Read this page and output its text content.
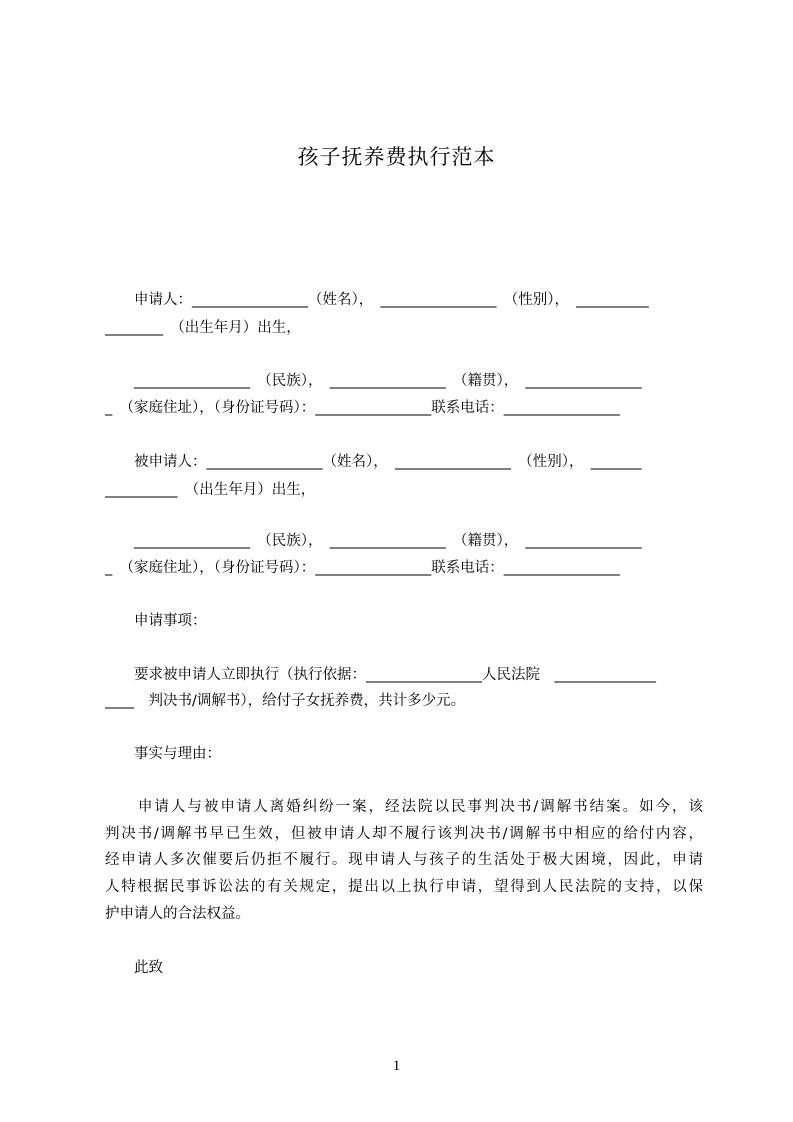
孩子抚养费执行范本
　　申请人：________________（姓名），　________________　（性别），　__________
________　（出生年月）出生，
　　________________　（民族），　________________　（籍贯），　________________
_　（家庭住址），（身份证号码）：________________联系电话：________________
　　被申请人：________________（姓名），　________________　（性别），　_______
__________　（出生年月）出生，
　　________________　（民族），　________________　（籍贯），　________________
_　（家庭住址），（身份证号码）：________________联系电话：________________
　　申请事项：
　　要求被申请人立即执行（执行依据：________________人民法院　______________
____　判决书/调解书），给付子女抚养费，共计多少元。
　　事实与理由：
　　申请人与被申请人离婚纠纷一案，经法院以民事判决书/调解书结案。如今，该
判决书/调解书早已生效，但被申请人却不履行该判决书/调解书中相应的给付内容，
经申请人多次催要后仍拒不履行。现申请人与孩子的生活处于极大困境，因此，申请
人特根据民事诉讼法的有关规定，提出以上执行申请，望得到人民法院的支持，以保
护申请人的合法权益。
　　此致
1
